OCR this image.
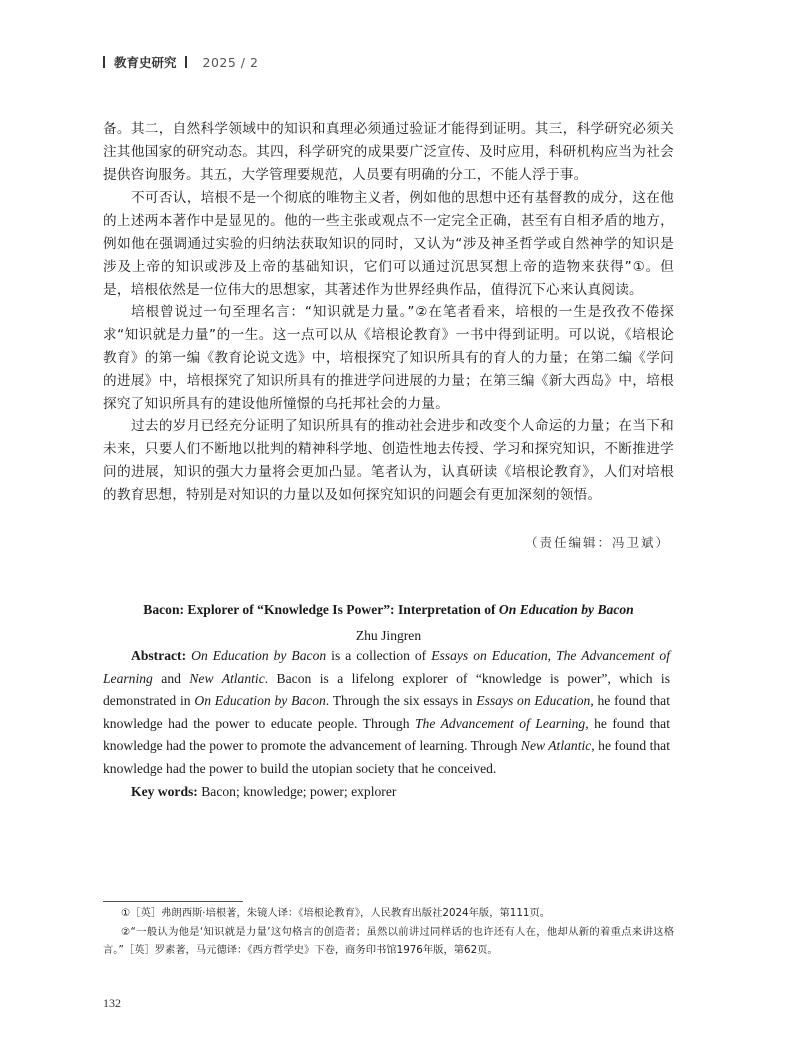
教育史研究 2025 / 2

备。其二，自然科学领域中的知识和真理必须通过验证才能得到证明。其三，科学研究必须关注其他国家的研究动态。其四，科学研究的成果要广泛宣传、及时应用，科研机构应当为社会提供咨询服务。其五，大学管理要规范，人员要有明确的分工，不能人浮于事。

不可否认，培根不是一个彻底的唯物主义者，例如他的思想中还有基督教的成分，这在他的上述两本著作中是显见的。他的一些主张或观点不一定完全正确，甚至有自相矛盾的地方，例如他在强调通过实验的归纳法获取知识的同时，又认为“涉及神圣哲学或自然神学的知识是涉及上帝的知识或涉及上帝的基础知识，它们可以通过沉思冥想上帝的造物来获得”①。但是，培根依然是一位伟大的思想家，其著述作为世界经典作品，值得沉下心来认真阅读。

培根曾说过一句至理名言：“知识就是力量。”②在笔者看来，培根的一生是孜孜不倦探求“知识就是力量”的一生。这一点可以从《培根论教育》一书中得到证明。可以说，《培根论教育》的第一编《教育论说文选》中，培根探究了知识所具有的育人的力量；在第二编《学问的进展》中，培根探究了知识所具有的推进学问进展的力量；在第三编《新大西岛》中，培根探究了知识所具有的建设他所憧憬的乌托邦社会的力量。

过去的岁月已经充分证明了知识所具有的推动社会进步和改变个人命运的力量；在当下和未来，只要人们不断地以批判的精神科学地、创造性地去传授、学习和探究知识，不断推进学问的进展，知识的强大力量将会更加凸显。笔者认为，认真研读《培根论教育》，人们对培根的教育思想，特别是对知识的力量以及如何探究知识的问题会有更加深刻的领悟。

（责任编辑：冯卫斌）
Bacon: Explorer of “Knowledge Is Power”: Interpretation of On Education by Bacon
Zhu Jingren

Abstract: On Education by Bacon is a collection of Essays on Education, The Advancement of Learning and New Atlantic. Bacon is a lifelong explorer of “knowledge is power”, which is demonstrated in On Education by Bacon. Through the six essays in Essays on Education, he found that knowledge had the power to educate people. Through The Advancement of Learning, he found that knowledge had the power to promote the advancement of learning. Through New Atlantic, he found that knowledge had the power to build the utopian society that he conceived.

Key words: Bacon; knowledge; power; explorer

①［英］弗朗西斯·培根著，朱镜人译：《培根论教育》，人民教育出版社2024年版，第111页。

②“一般认为他是‘知识就是力量’这句格言的创造者；虽然以前讲过同样话的也许还有人在，他却从新的着重点来讲这格言。”［英］罗素著，马元德译：《西方哲学史》下卷，商务印书馆1976年版，第62页。

132
